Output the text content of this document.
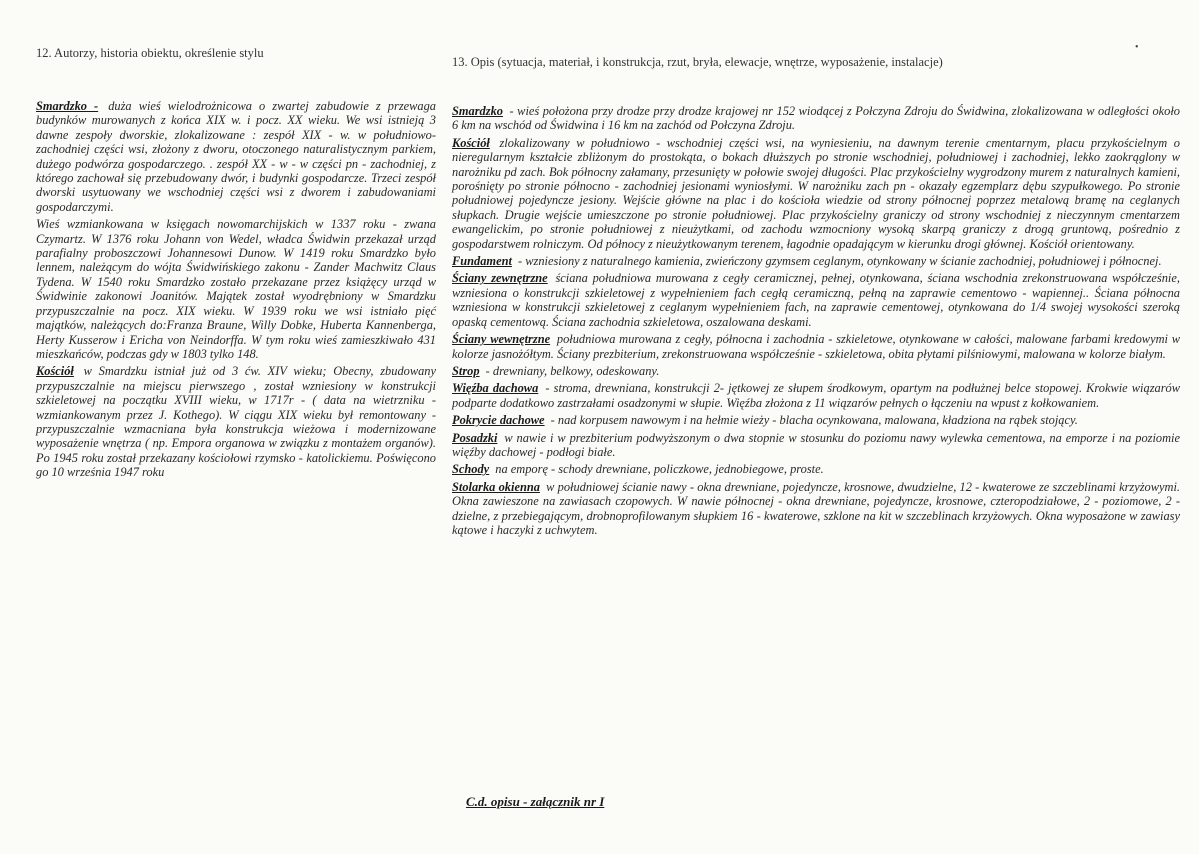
•
12. Autorzy, historia obiektu, określenie stylu
13. Opis (sytuacja, materiał, i konstrukcja, rzut, bryła, elewacje, wnętrze, wyposażenie, instalacje)

Smardzko - duża wieś wielodrożnicowa o zwartej zabudowie z przewaga budynków murowanych z końca XIX w. i pocz. XX wieku. We wsi istnieją 3 dawne zespoły dworskie, zlokalizowane : zespół XIX - w. w południowo-zachodniej części wsi, złożony z dworu, otoczonego naturalistycznym parkiem, dużego podwórza gospodarczego. . zespół XX - w - w części pn - zachodniej, z którego zachował się przebudowany dwór, i budynki gospodarcze. Trzeci zespół dworski usytuowany we wschodniej części wsi z dworem i zabudowaniami gospodarczymi.

Wieś wzmiankowana w księgach nowomarchijskich w 1337 roku - zwana Czymartz. W 1376 roku Johann von Wedel, władca Świdwin przekazał urząd parafialny proboszczowi Johannesowi Dunow. W 1419 roku Smardzko było lennem, należącym do wójta Świdwińskiego zakonu - Zander Machwitz Claus Tydena. W 1540 roku Smardzko zostało przekazane przez książęcy urząd w Świdwinie zakonowi Joanitów. Majątek został wyodrębniony w Smardzku przypuszczalnie na pocz. XIX wieku. W 1939 roku we wsi istniało pięć majątków, należących do:Franza Braune, Willy Dobke, Huberta Kannenberga, Herty Kusserow i Ericha von Neindorffa. W tym roku wieś zamieszkiwało 431 mieszkańców, podczas gdy w 1803 tylko 148.

Kościół w Smardzku istniał już od 3 ćw. XIV wieku; Obecny, zbudowany przypuszczalnie na miejscu pierwszego , został wzniesiony w konstrukcji szkieletowej na początku XVIII wieku, w 1717r - ( data na wietrzniku - wzmiankowanym przez J. Kothego). W ciągu XIX wieku był remontowany - przypuszczalnie wzmacniana była konstrukcja wieżowa i modernizowane wyposażenie wnętrza ( np. Empora organowa w związku z montażem organów). Po 1945 roku został przekazany kościołowi rzymsko - katolickiemu. Poświęcono go 10 września 1947 roku

Smardzko - wieś położona przy drodze przy drodze krajowej nr 152 wiodącej z Połczyna Zdroju do Świdwina, zlokalizowana w odległości około 6 km na wschód od Świdwina i 16 km na zachód od Połczyna Zdroju.

Kościół zlokalizowany w południowo - wschodniej części wsi, na wyniesieniu, na dawnym terenie cmentarnym, placu przykościelnym o nieregularnym kształcie zbliżonym do prostokąta, o bokach dłuższych po stronie wschodniej, południowej i zachodniej, lekko zaokrąglony w narożniku pd zach. Bok północny załamany, przesunięty w połowie swojej długości. Plac przykościelny wygrodzony murem z naturalnych kamieni, porośnięty po stronie północno - zachodniej jesionami wyniosłymi. W narożniku zach pn - okazały egzemplarz dębu szypułkowego. Po stronie południowej pojedyncze jesiony. Wejście główne na plac i do kościoła wiedzie od strony północnej poprzez metalową bramę na ceglanych słupkach. Drugie wejście umieszczone po stronie południowej. Plac przykościelny graniczy od strony wschodniej z nieczynnym cmentarzem ewangelickim, po stronie południowej z nieużytkami, od zachodu wzmocniony wysoką skarpą graniczy z drogą gruntową, pośrednio z gospodarstwem rolniczym. Od północy z nieużytkowanym terenem, łagodnie opadającym w kierunku drogi głównej. Kościół orientowany.

Fundament - wzniesiony z naturalnego kamienia, zwieńczony gzymsem ceglanym, otynkowany w ścianie zachodniej, południowej i północnej.

Ściany zewnętrzne ściana południowa murowana z cegły ceramicznej, pełnej, otynkowana, ściana wschodnia zrekonstruowana współcześnie, wzniesiona o konstrukcji szkieletowej z wypełnieniem fach cegłą ceramiczną, pełną na zaprawie cementowo - wapiennej.. Ściana północna wzniesiona w konstrukcji szkieletowej z ceglanym wypełnieniem fach, na zaprawie cementowej, otynkowana do 1/4 swojej wysokości szeroką opaską cementową. Ściana zachodnia szkieletowa, oszalowana deskami.

Ściany wewnętrzne południowa murowana z cegły, północna i zachodnia - szkieletowe, otynkowane w całości, malowane farbami kredowymi w kolorze jasnożółtym. Ściany prezbiterium, zrekonstruowana współcześnie - szkieletowa, obita płytami pilśniowymi, malowana w kolorze białym.

Strop - drewniany, belkowy, odeskowany.

Więźba dachowa - stroma, drewniana, konstrukcji 2- jętkowej ze słupem środkowym, opartym na podłużnej belce stopowej. Krokwie wiązarów podparte dodatkowo zastrzałami osadzonymi w słupie. Więźba złożona z 11 wiązarów pełnych o łączeniu na wpust z kołkowaniem.

Pokrycie dachowe - nad korpusem nawowym i na hełmie wieży - blacha ocynkowana, malowana, kładziona na rąbek stojący.

Posadzki w nawie i w prezbiterium podwyższonym o dwa stopnie w stosunku do poziomu nawy wylewka cementowa, na emporze i na poziomie więźby dachowej - podłogi białe.

Schody na emporę - schody drewniane, policzkowe, jednobiegowe, proste.

Stolarka okienna w południowej ścianie nawy - okna drewniane, pojedyncze, krosnowe, dwudzielne, 12 - kwaterowe ze szczeblinami krzyżowymi. Okna zawieszone na zawiasach czopowych. W nawie północnej - okna drewniane, pojedyncze, krosnowe, czteropodziałowe, 2 - poziomowe, 2 - dzielne, z przebiegającym, drobnoprofilowanym słupkiem 16 - kwaterowe, szklone na kit w szczeblinach krzyżowych. Okna wyposażone w zawiasy kątowe i haczyki z uchwytem.

C.d. opisu - załącznik nr I
